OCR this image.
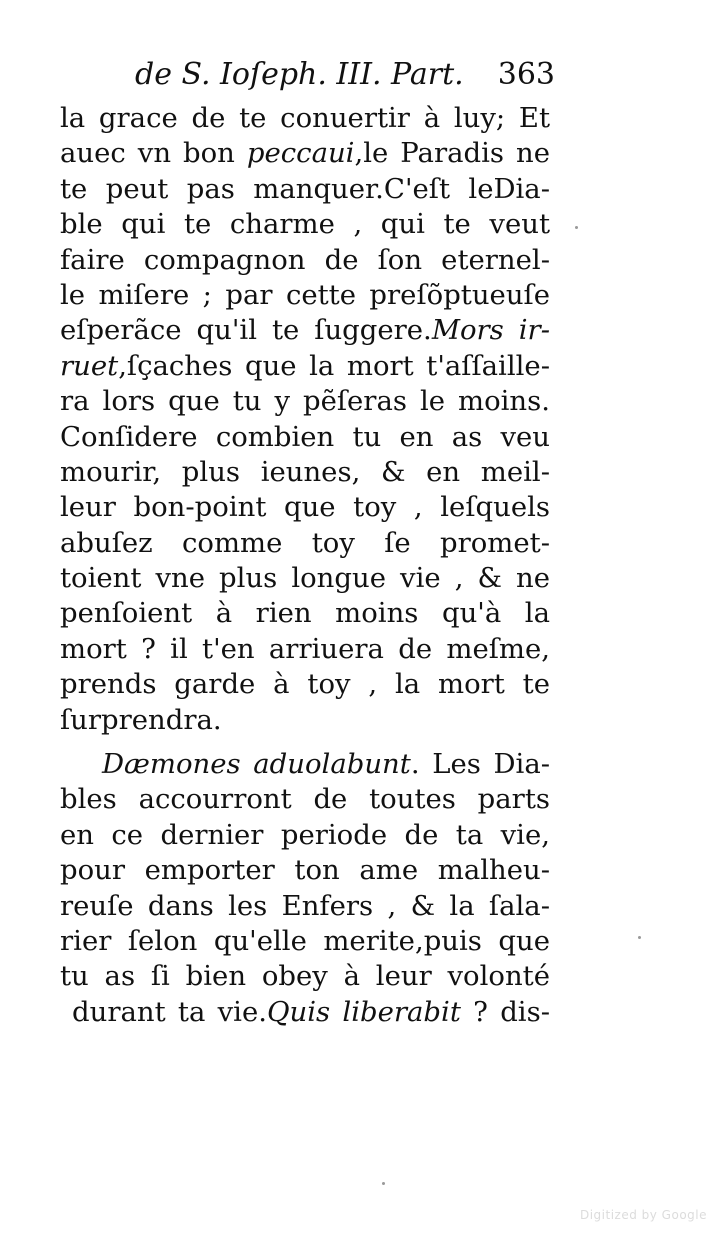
de S. Ioſeph. III. Part. 363
la grace de te conuertir à luy; Et
auec vn bon peccaui,le Paradis ne
te peut pas manquer.C'eſt leDia-
ble qui te charme , qui te veut
faire compagnon de ſon eternel-
le miſere ; par cette preſõptueuſe
eſperãce qu'il te ſuggere.Mors ir-
ruet,ſçaches que la mort t'aſſaille-
ra lors que tu y pẽſeras le moins.
Conſidere combien tu en as veu
mourir, plus ieunes, & en meil-
leur bon-point que toy , leſquels
abuſez comme toy ſe promet-
toient vne plus longue vie , & ne
penſoient à rien moins qu'à la
mort ? il t'en arriuera de meſme,
prends garde à toy , la mort te
ſurprendra.
Dæmones aduolabunt. Les Dia-
bles accourront de toutes parts
en ce dernier periode de ta vie,
pour emporter ton ame malheu-
reuſe dans les Enfers , & la ſala-
rier ſelon qu'elle merite,puis que
tu as ſi bien obey à leur volonté
durant ta vie.Quis liberabit ? dis-
Digitized by Google
